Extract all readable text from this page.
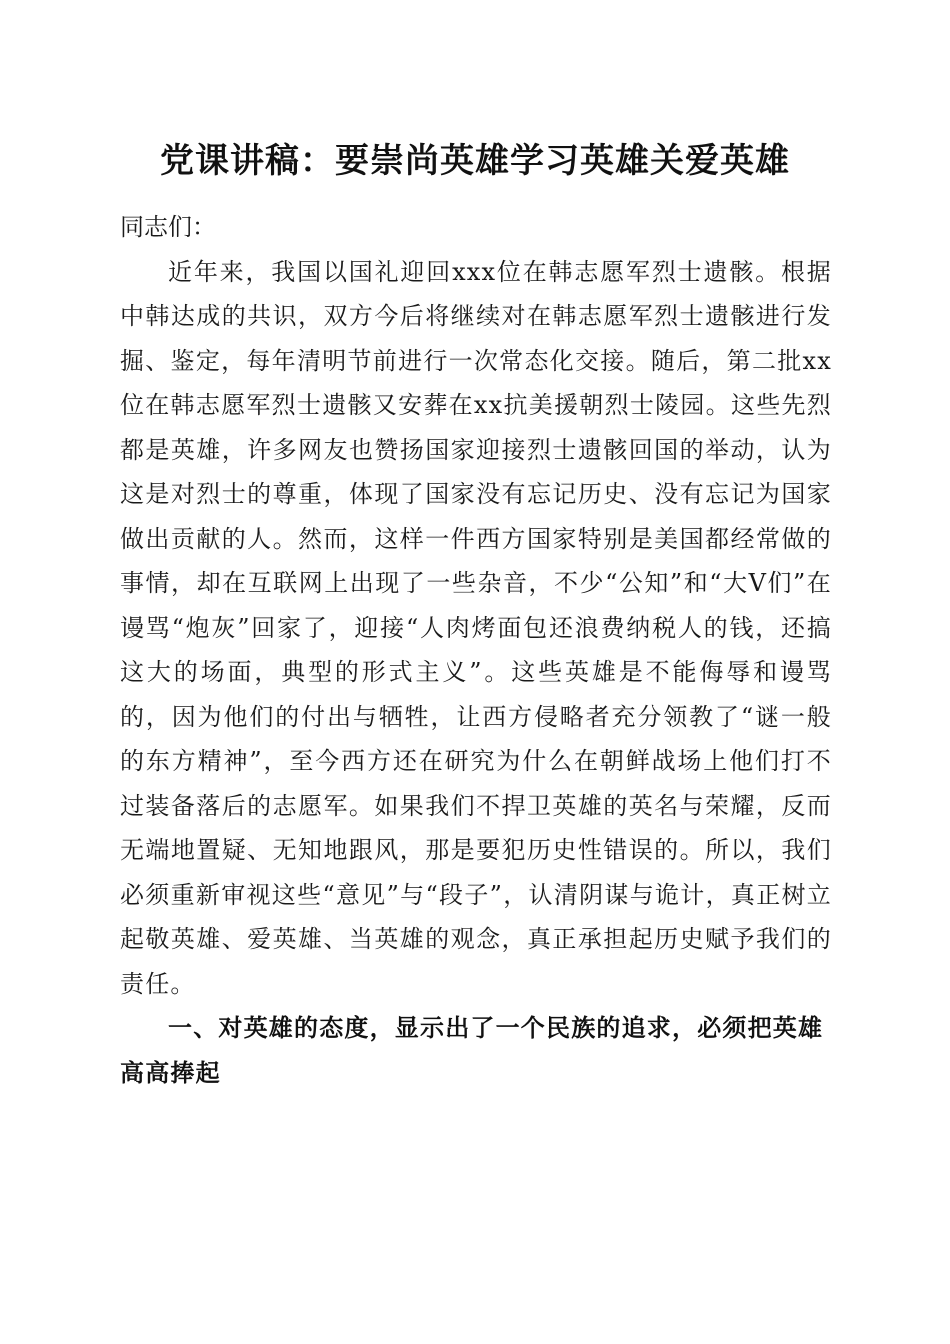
党课讲稿：要崇尚英雄学习英雄关爱英雄

同志们：

近年来，我国以国礼迎回xxx位在韩志愿军烈士遗骸。根据中韩达成的共识，双方今后将继续对在韩志愿军烈士遗骸进行发掘、鉴定，每年清明节前进行一次常态化交接。随后，第二批xx位在韩志愿军烈士遗骸又安葬在xx抗美援朝烈士陵园。这些先烈都是英雄，许多网友也赞扬国家迎接烈士遗骸回国的举动，认为这是对烈士的尊重，体现了国家没有忘记历史、没有忘记为国家做出贡献的人。然而，这样一件西方国家特别是美国都经常做的事情，却在互联网上出现了一些杂音，不少“公知”和“大V们”在谩骂“炮灰”回家了，迎接“人肉烤面包还浪费纳税人的钱，还搞这大的场面，典型的形式主义”。这些英雄是不能侮辱和谩骂的，因为他们的付出与牺牲，让西方侵略者充分领教了“谜一般的东方精神”，至今西方还在研究为什么在朝鲜战场上他们打不过装备落后的志愿军。如果我们不捍卫英雄的英名与荣耀，反而无端地置疑、无知地跟风，那是要犯历史性错误的。所以，我们必须重新审视这些“意见”与“段子”，认清阴谋与诡计，真正树立起敬英雄、爱英雄、当英雄的观念，真正承担起历史赋予我们的责任。

一、对英雄的态度，显示出了一个民族的追求，必须把英雄高高捧起
